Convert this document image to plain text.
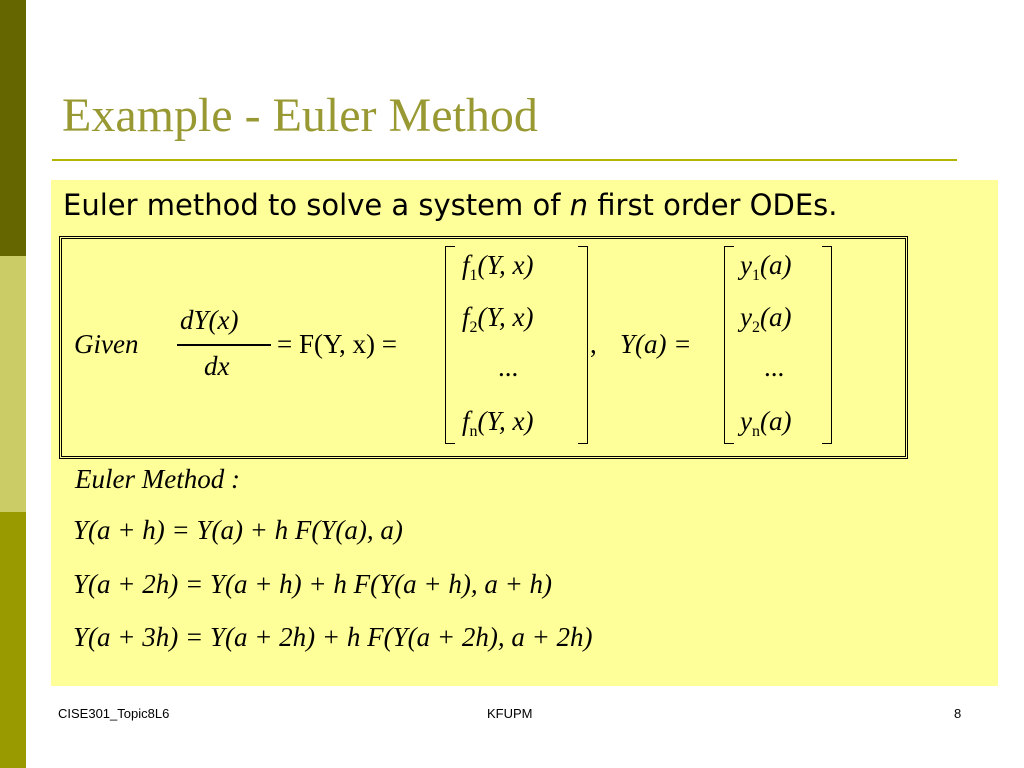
Example - Euler Method
Euler method to solve a system of n first order ODEs.
Given
dY(x)
dx
= F(Y, x) =
$f_1(Y$, x)
$f_2(Y$, x)
...
$f_n(Y$, x)
, Y(a) =
$y_1(a)$
$y_2(a)$
...
$y_n(a)$
Euler Method :
Y(a + h) = Y(a) + h F(Y(a), a)
Y(a + 2h) = Y(a + h) + h F(Y(a + h), a + h)
Y(a + 3h) = Y(a + 2h) + h F(Y(a + 2h), a + 2h)
CISE301_Topic8L6	KFUPM	8
